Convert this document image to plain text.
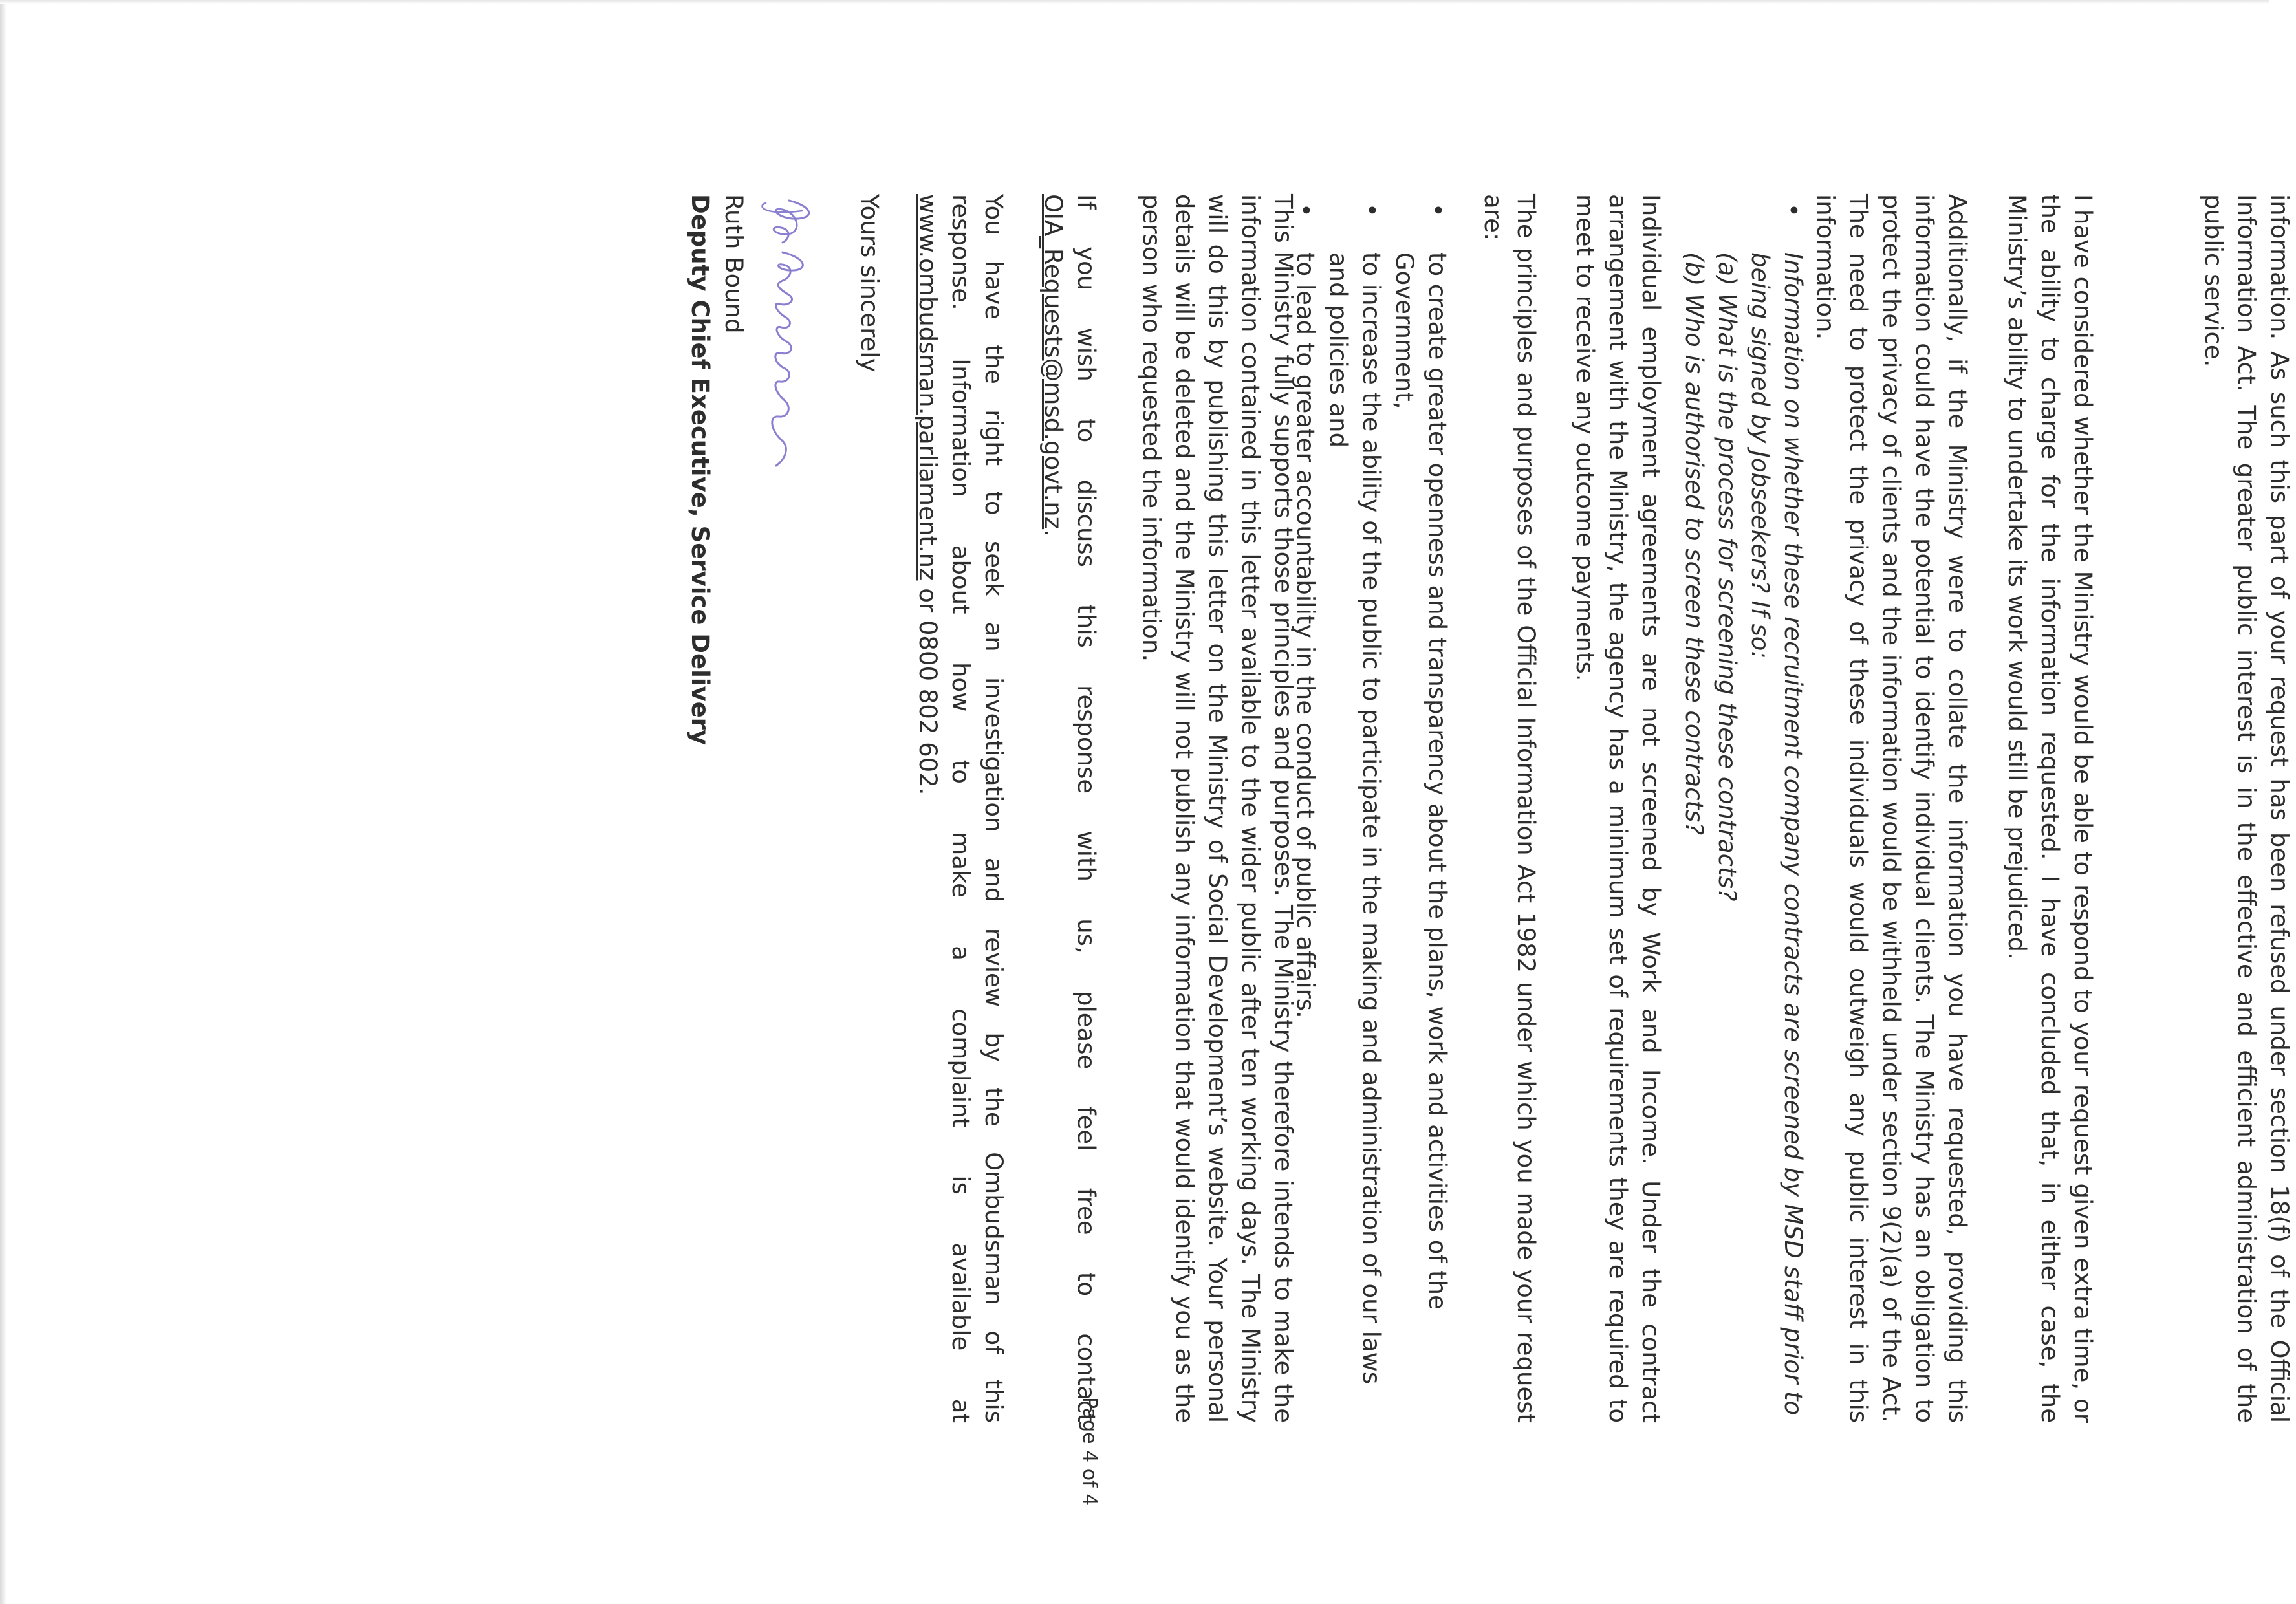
information. As such this part of your request has been refused under section 18(f) of the Official Information Act. The greater public interest is in the effective and efficient administration of the public service.

I have considered whether the Ministry would be able to respond to your request given extra time, or the ability to charge for the information requested. I have concluded that, in either case, the Ministry’s ability to undertake its work would still be prejudiced.

Additionally, if the Ministry were to collate the information you have requested, providing this information could have the potential to identify individual clients. The Ministry has an obligation to protect the privacy of clients and the information would be withheld under section 9(2)(a) of the Act. The need to protect the privacy of these individuals would outweigh any public interest in this information.

•
Information on whether these recruitment company contracts are screened by MSD staff prior to being signed by Jobseekers? If so:
(a) What is the process for screening these contracts?
(b) Who is authorised to screen these contracts?

Individual employment agreements are not screened by Work and Income. Under the contract arrangement with the Ministry, the agency has a minimum set of requirements they are required to meet to receive any outcome payments.

The principles and purposes of the Official Information Act 1982 under which you made your request are:

•
to create greater openness and transparency about the plans, work and activities of the Government,
•
to increase the ability of the public to participate in the making and administration of our laws and policies and
•
to lead to greater accountability in the conduct of public affairs.

This Ministry fully supports those principles and purposes. The Ministry therefore intends to make the information contained in this letter available to the wider public after ten working days. The Ministry will do this by publishing this letter on the Ministry of Social Development’s website. Your personal details will be deleted and the Ministry will not publish any information that would identify you as the person who requested the information.

If
you
wish
to
discuss
this
response
with
us,
please
feel
free
to
contact
OIA_Requests@msd.govt.nz.
You
have
the
right
to
seek
an
investigation
and
review
by
the
Ombudsman
of
this
response.
Information
about
how
to
make
a
complaint
is
available
at
www.ombudsman.parliament.nz or 0800 802 602.
Yours sincerely
Ruth Bound
Deputy Chief Executive, Service Delivery
Page 4 of 4
